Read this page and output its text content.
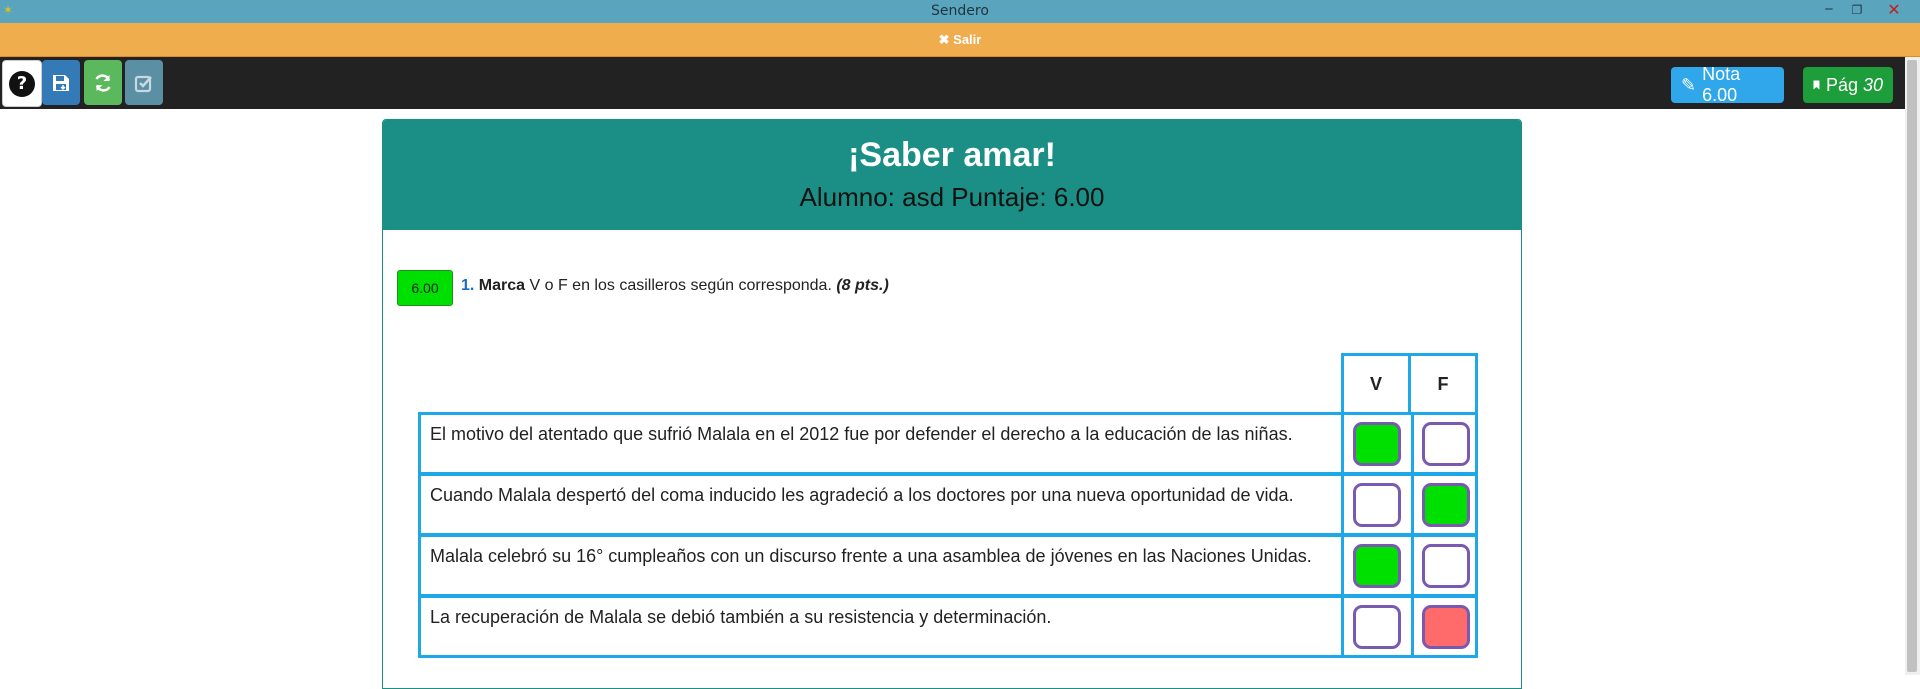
✶	Sendero	‒	❐	✕
✖ Salir
?	✎
Nota 6.00
Pág 30
¡Saber amar!
Alumno: asd Puntaje: 6.00
6.00	1. Marca V o F en los casilleros según corresponda. (8 pts.)
V	F
El motivo del atentado que sufrió Malala en el 2012 fue por defender el derecho a la educación de las niñas.
Cuando Malala despertó del coma inducido les agradeció a los doctores por una nueva oportunidad de vida.
Malala celebró su 16° cumpleaños con un discurso frente a una asamblea de jóvenes en las Naciones Unidas.
La recuperación de Malala se debió también a su resistencia y determinación.
